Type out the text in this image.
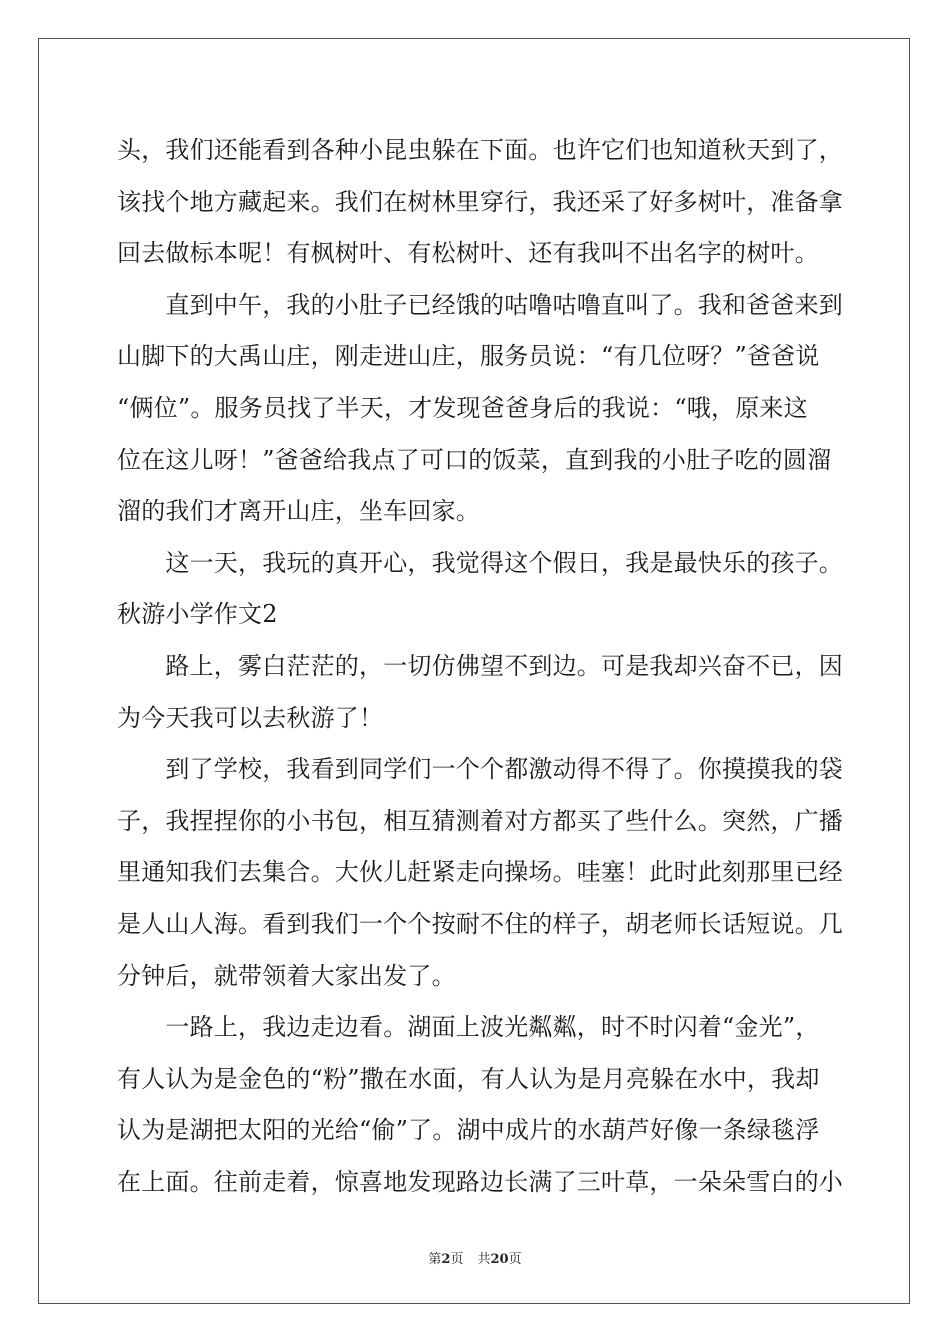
头，我们还能看到各种小昆虫躲在下面。也许它们也知道秋天到了，
该找个地方藏起来。我们在树林里穿行，我还采了好多树叶，准备拿
回去做标本呢！有枫树叶、有松树叶、还有我叫不出名字的树叶。
　　直到中午，我的小肚子已经饿的咕噜咕噜直叫了。我和爸爸来到
山脚下的大禹山庄，刚走进山庄，服务员说：“有几位呀？”爸爸说
“俩位”。服务员找了半天，才发现爸爸身后的我说：“哦，原来这
位在这儿呀！”爸爸给我点了可口的饭菜，直到我的小肚子吃的圆溜
溜的我们才离开山庄，坐车回家。
　　这一天，我玩的真开心，我觉得这个假日，我是最快乐的孩子。
秋游小学作文2
　　路上，雾白茫茫的，一切仿佛望不到边。可是我却兴奋不已，因
为今天我可以去秋游了！
　　到了学校，我看到同学们一个个都激动得不得了。你摸摸我的袋
子，我捏捏你的小书包，相互猜测着对方都买了些什么。突然，广播
里通知我们去集合。大伙儿赶紧走向操场。哇塞！此时此刻那里已经
是人山人海。看到我们一个个按耐不住的样子，胡老师长话短说。几
分钟后，就带领着大家出发了。
　　一路上，我边走边看。湖面上波光粼粼，时不时闪着“金光”，
有人认为是金色的“粉”撒在水面，有人认为是月亮躲在水中，我却
认为是湖把太阳的光给“偷”了。湖中成片的水葫芦好像一条绿毯浮
在上面。往前走着，惊喜地发现路边长满了三叶草，一朵朵雪白的小
第2页 共20页
